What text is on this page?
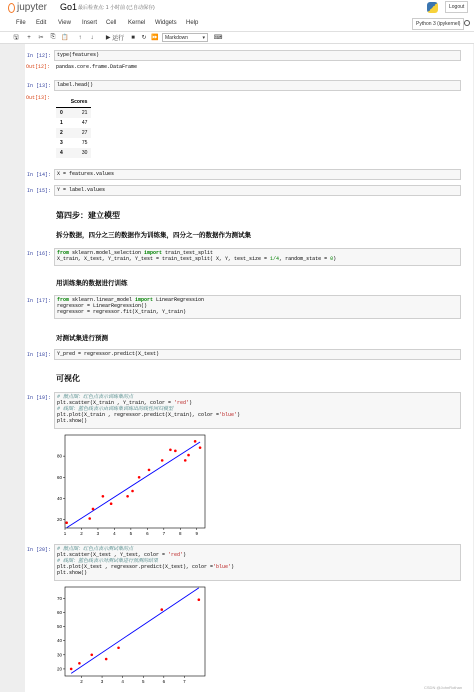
jupyter Go1 最后检查点: 1 小时前 (已自动保存)	Logout
File Edit View Insert Cell Kernel Widgets Help	Python 3 (ipykernel)
🖫	+	✂ ⎘ 📋	↑	↓	▶ 运行	■	↻ ⏩	Markdown	▾ ⌨
In [12]:	type(features)
Out[12]: pandas.core.frame.DataFrame
In [13]:	label.head()
Out[13]:
	Scores
0	21
1	47
2	27
3	75
4	30
In [14]:	X = features.values
In [15]:	Y = label.values
第四步：建立模型
拆分数据，四分之三的数据作为训练集，四分之一的数据作为测试集
In [16]:	from sklearn.model_selection import train_test_split
X_train, X_test, Y_train, Y_test = train_test_split( X, Y, test_size = 1/4, random_state = 0)
用训练集的数据进行训练
In [17]:	from sklearn.linear_model import LinearRegression
regressor = LinearRegression()
regressor = regressor.fit(X_train, Y_train)
对测试集进行预测
In [18]:	Y_pred = regressor.predict(X_test)
可视化
In [19]:	# 散点图：红色点表示训练集的点
plt.scatter(X_train , Y_train, color = 'red')
# 线图：蓝色线表示由训练集训练出的线性回归模型
plt.plot(X_train , regressor.predict(X_train), color ='blue')
plt.show()
1	2	3	4	5	6	7	8	9
20
40
60
80
In [20]:	# 散点图：红色点表示测试集的点
plt.scatter(X_test , Y_test, color = 'red')
# 线图：蓝色线表示对测试集进行预测的结果
plt.plot(X_test , regressor.predict(X_test), color ='blue')
plt.show()
2	3	4	5	6	7
20
30
40
50
60
70
CSDN @JohnRothan
